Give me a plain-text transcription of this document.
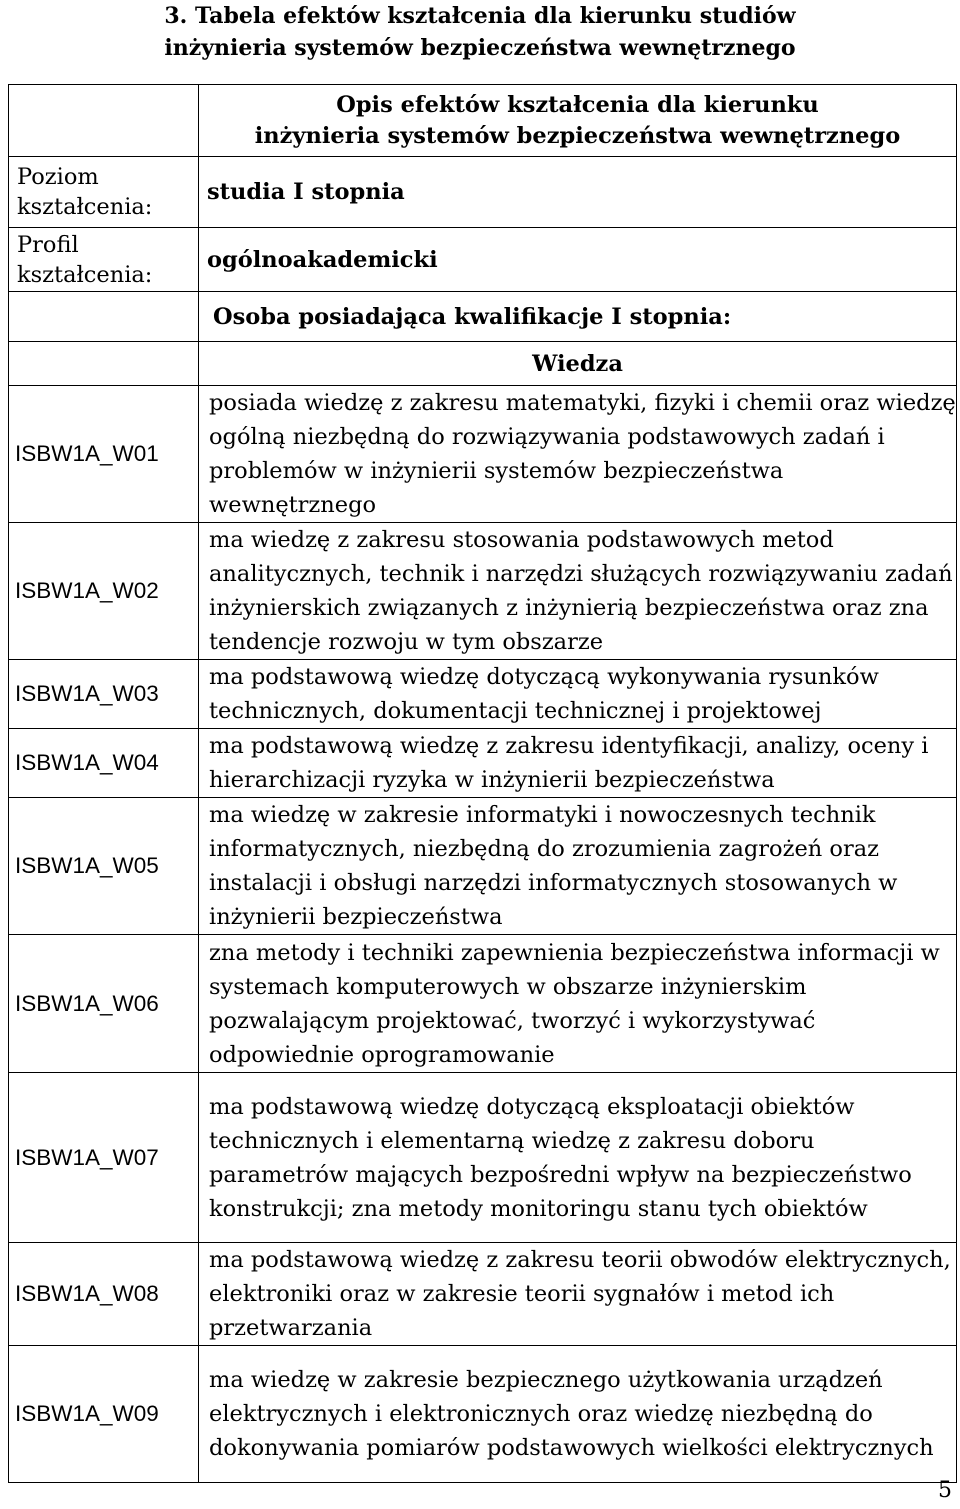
3. Tabela efektów kształcenia dla kierunku studiów
inżynieria systemów bezpieczeństwa wewnętrznego

	Opis efektów kształcenia dla kierunku
inżynieria systemów bezpieczeństwa wewnętrznego

Poziom kształcenia:	studia I stopnia
Profil kształcenia:	ogólnoakademicki
	Osoba posiadająca kwalifikacje I stopnia:
	Wiedza
ISBW1A_W01	posiada wiedzę z zakresu matematyki, fizyki i chemii oraz wiedzę ogólną niezbędną do rozwiązywania podstawowych zadań i problemów w inżynierii systemów bezpieczeństwa wewnętrznego
ISBW1A_W02	ma wiedzę z zakresu stosowania podstawowych metod analitycznych, technik i narzędzi służących rozwiązywaniu zadań inżynierskich związanych z inżynierią bezpieczeństwa oraz zna tendencje rozwoju w tym obszarze
ISBW1A_W03	ma podstawową wiedzę dotyczącą wykonywania rysunków technicznych, dokumentacji technicznej i projektowej
ISBW1A_W04	ma podstawową wiedzę z zakresu identyfikacji, analizy, oceny i hierarchizacji ryzyka w inżynierii bezpieczeństwa
ISBW1A_W05	ma wiedzę w zakresie informatyki i nowoczesnych technik informatycznych, niezbędną do zrozumienia zagrożeń oraz instalacji i obsługi narzędzi informatycznych stosowanych w inżynierii bezpieczeństwa
ISBW1A_W06	zna metody i techniki zapewnienia bezpieczeństwa informacji w systemach komputerowych w obszarze inżynierskim pozwalającym projektować, tworzyć i wykorzystywać odpowiednie oprogramowanie
ISBW1A_W07	ma podstawową wiedzę dotyczącą eksploatacji obiektów technicznych i elementarną wiedzę z zakresu doboru parametrów mających bezpośredni wpływ na bezpieczeństwo konstrukcji; zna metody monitoringu stanu tych obiektów
ISBW1A_W08	ma podstawową wiedzę z zakresu teorii obwodów elektrycznych, elektroniki oraz w zakresie teorii sygnałów i metod ich przetwarzania
ISBW1A_W09	ma wiedzę w zakresie bezpiecznego użytkowania urządzeń elektrycznych i elektronicznych oraz wiedzę niezbędną do dokonywania pomiarów podstawowych wielkości elektrycznych
5
